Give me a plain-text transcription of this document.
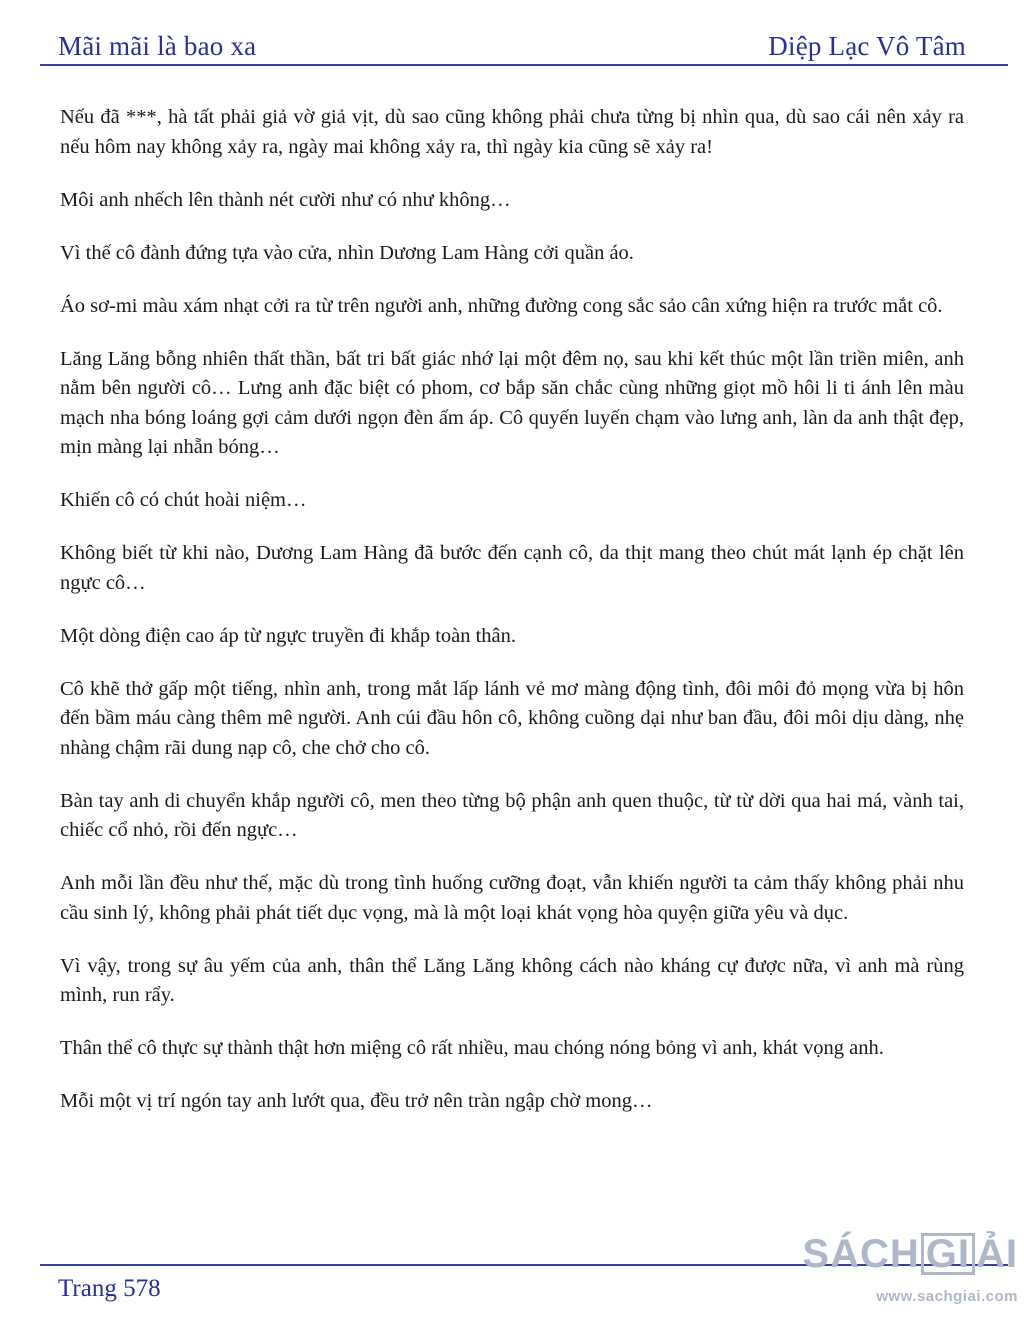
Mãi mãi là bao xa	Diệp Lạc Vô Tâm

Nếu đã ***, hà tất phải giả vờ giả vịt, dù sao cũng không phải chưa từng bị nhìn qua, dù sao cái nên xảy ra nếu hôm nay không xảy ra, ngày mai không xảy ra, thì ngày kia cũng sẽ xảy ra!

Môi anh nhếch lên thành nét cười như có như không…

Vì thế cô đành đứng tựa vào cửa, nhìn Dương Lam Hàng cởi quần áo.

Áo sơ-mi màu xám nhạt cởi ra từ trên người anh, những đường cong sắc sảo cân xứng hiện ra trước mắt cô.

Lăng Lăng bỗng nhiên thất thần, bất tri bất giác nhớ lại một đêm nọ, sau khi kết thúc một lần triền miên, anh nằm bên người cô… Lưng anh đặc biệt có phom, cơ bắp săn chắc cùng những giọt mồ hôi li ti ánh lên màu mạch nha bóng loáng gợi cảm dưới ngọn đèn ấm áp. Cô quyến luyến chạm vào lưng anh, làn da anh thật đẹp, mịn màng lại nhẵn bóng…

Khiến cô có chút hoài niệm…

Không biết từ khi nào, Dương Lam Hàng đã bước đến cạnh cô, da thịt mang theo chút mát lạnh ép chặt lên ngực cô…

Một dòng điện cao áp từ ngực truyền đi khắp toàn thân.

Cô khẽ thở gấp một tiếng, nhìn anh, trong mắt lấp lánh vẻ mơ màng động tình, đôi môi đỏ mọng vừa bị hôn đến bầm máu càng thêm mê người. Anh cúi đầu hôn cô, không cuồng dại như ban đầu, đôi môi dịu dàng, nhẹ nhàng chậm rãi dung nạp cô, che chở cho cô.

Bàn tay anh di chuyển khắp người cô, men theo từng bộ phận anh quen thuộc, từ từ dời qua hai má, vành tai, chiếc cổ nhỏ, rồi đến ngực…

Anh mỗi lần đều như thế, mặc dù trong tình huống cưỡng đoạt, vẫn khiến người ta cảm thấy không phải nhu cầu sinh lý, không phải phát tiết dục vọng, mà là một loại khát vọng hòa quyện giữa yêu và dục.

Vì vậy, trong sự âu yếm của anh, thân thể Lăng Lăng không cách nào kháng cự được nữa, vì anh mà rùng mình, run rẩy.

Thân thể cô thực sự thành thật hơn miệng cô rất nhiều, mau chóng nóng bỏng vì anh, khát vọng anh.

Mỗi một vị trí ngón tay anh lướt qua, đều trở nên tràn ngập chờ mong…

Trang 578
SÁCH GI ẢI
www.sachgiai.com
